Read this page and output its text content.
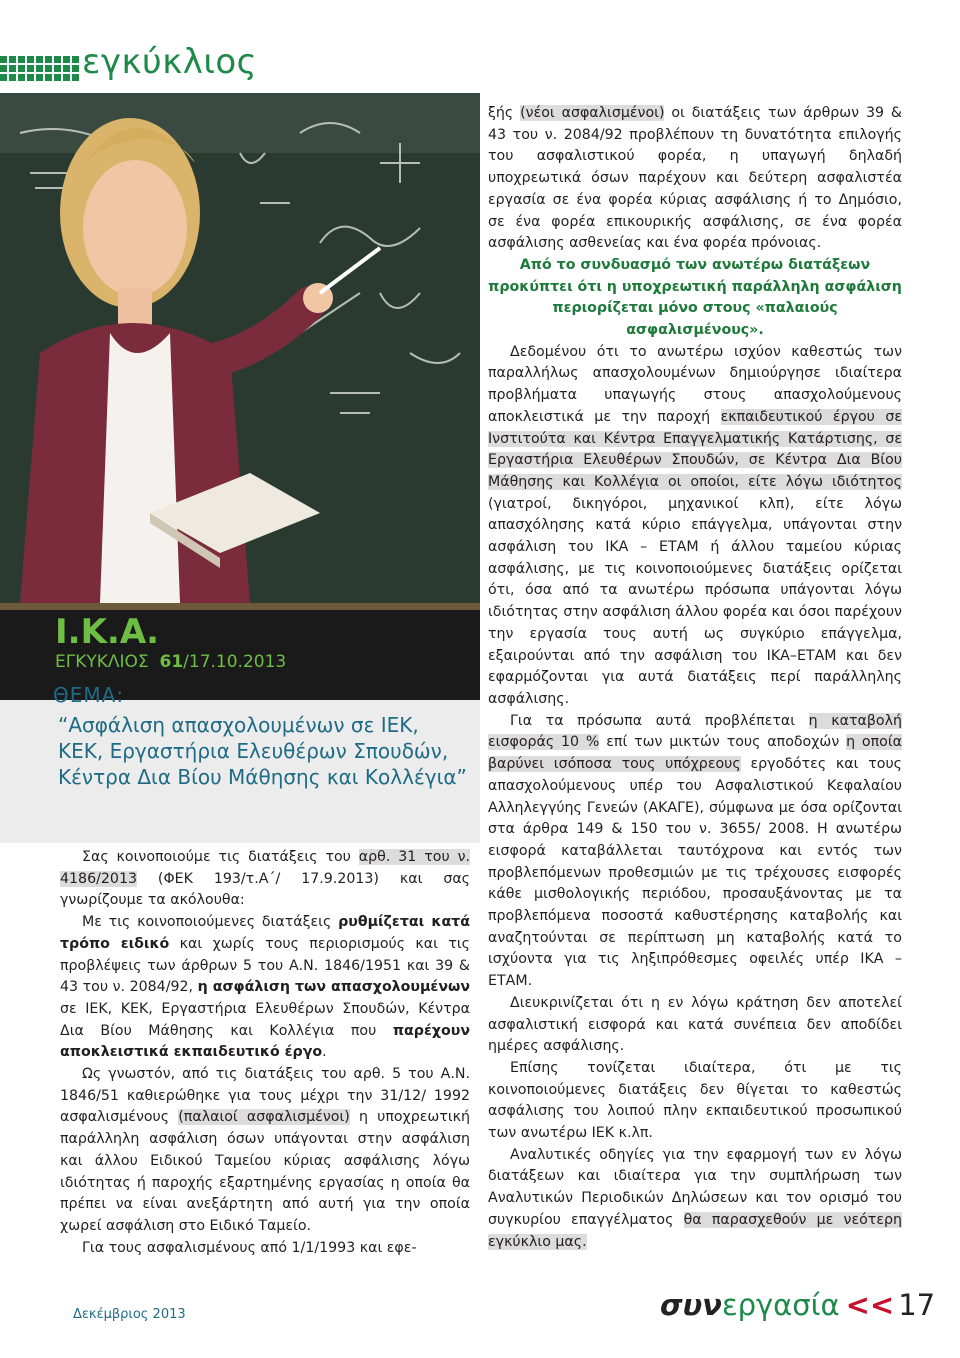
εγκύκλιος
Ι.Κ.Α.
ΕΓΚΥΚΛΙΟΣ 61/17.10.2013
ΘΕΜΑ:
“Ασφάλιση απασχολουμένων σε ΙΕΚ, ΚΕΚ, Εργαστήρια Ελευθέρων Σπουδών, Κέντρα Δια Βίου Μάθησης και Κολλέγια”

Σας κοινοποιούμε τις διατάξεις του αρθ. 31 του ν. 4186/2013 (ΦΕΚ 193/τ.Α΄/ 17.9.2013) και σας γνωρίζουμε τα ακόλουθα:

Με τις κοινοποιούμενες διατάξεις ρυθμίζεται κατά τρόπο ειδικό και χωρίς τους περιορισμούς και τις προβλέψεις των άρθρων 5 του Α.Ν. 1846/1951 και 39 & 43 του ν. 2084/92, η ασφάλιση των απασχολουμένων σε ΙΕΚ, ΚΕΚ, Εργαστήρια Ελευθέρων Σπουδών, Κέντρα Δια Βίου Μάθησης και Κολλέγια που παρέχουν αποκλειστικά εκπαιδευτικό έργο.

Ως γνωστόν, από τις διατάξεις του αρθ. 5 του Α.Ν. 1846/51 καθιερώθηκε για τους μέχρι την 31/12/ 1992 ασφαλισμένους (παλαιοί ασφαλισμένοι) η υποχρεωτική παράλληλη ασφάλιση όσων υπάγονται στην ασφάλιση και άλλου Ειδικού Ταμείου κύριας ασφάλισης λόγω ιδιότητας ή παροχής εξαρτημένης εργασίας η οποία θα πρέπει να είναι ανεξάρτητη από αυτή για την οποία χωρεί ασφάλιση στο Ειδικό Ταμείο.

Για τους ασφαλισμένους από 1/1/1993 και εφε-

ξής (νέοι ασφαλισμένοι) οι διατάξεις των άρθρων 39 & 43 του ν. 2084/92 προβλέπουν τη δυνατότητα επιλογής του ασφαλιστικού φορέα, η υπαγωγή δηλαδή υποχρεωτικά όσων παρέχουν και δεύτερη ασφαλιστέα εργασία σε ένα φορέα κύριας ασφάλισης ή το Δημόσιο, σε ένα φορέα επικουρικής ασφάλισης, σε ένα φορέα ασφάλισης ασθενείας και ένα φορέα πρόνοιας.

Από το συνδυασμό των ανωτέρω διατάξεων προκύπτει ότι η υποχρεωτική παράλληλη ασφάλιση περιορίζεται μόνο στους «παλαιούς ασφαλισμένους».

Δεδομένου ότι το ανωτέρω ισχύον καθεστώς των παραλλήλως απασχολουμένων δημιούργησε ιδιαίτερα προβλήματα υπαγωγής στους απασχολούμενους αποκλειστικά με την παροχή εκπαιδευτικού έργου σε Ινστιτούτα και Κέντρα Επαγγελματικής Κατάρτισης, σε Εργαστήρια Ελευθέρων Σπουδών, σε Κέντρα Δια Βίου Μάθησης και Κολλέγια οι οποίοι, είτε λόγω ιδιότητος (γιατροί, δικηγόροι, μηχανικοί κλπ), είτε λόγω απασχόλησης κατά κύριο επάγγελμα, υπάγονται στην ασφάλιση του ΙΚΑ – ΕΤΑΜ ή άλλου ταμείου κύριας ασφάλισης, με τις κοινοποιούμενες διατάξεις ορίζεται ότι, όσα από τα ανωτέρω πρόσωπα υπάγονται λόγω ιδιότητας στην ασφάλιση άλλου φορέα και όσοι παρέχουν την εργασία τους αυτή ως συγκύριο επάγγελμα, εξαιρούνται από την ασφάλιση του ΙΚΑ–ΕΤΑΜ και δεν εφαρμόζονται για αυτά διατάξεις περί παράλληλης ασφάλισης.

Για τα πρόσωπα αυτά προβλέπεται η καταβολή εισφοράς 10 % επί των μικτών τους αποδοχών η οποία βαρύνει ισόποσα τους υπόχρεους εργοδότες και τους απασχολούμενους υπέρ του Ασφαλιστικού Κεφαλαίου Αλληλεγγύης Γενεών (ΑΚΑΓΕ), σύμφωνα με όσα ορίζονται στα άρθρα 149 & 150 του ν. 3655/ 2008. Η ανωτέρω εισφορά καταβάλλεται ταυτόχρονα και εντός των προβλεπόμενων προθεσμιών με τις τρέχουσες εισφορές κάθε μισθολογικής περιόδου, προσαυξάνοντας με τα προβλεπόμενα ποσοστά καθυστέρησης καταβολής και αναζητούνται σε περίπτωση μη καταβολής κατά το ισχύοντα για τις ληξιπρόθεσμες οφειλές υπέρ ΙΚΑ – ΕΤΑΜ.

Διευκρινίζεται ότι η εν λόγω κράτηση δεν αποτελεί ασφαλιστική εισφορά και κατά συνέπεια δεν αποδίδει ημέρες ασφάλισης.

Επίσης τονίζεται ιδιαίτερα, ότι με τις κοινοποιούμενες διατάξεις δεν θίγεται το καθεστώς ασφάλισης του λοιπού πλην εκπαιδευτικού προσωπικού των ανωτέρω ΙΕΚ κ.λπ.

Αναλυτικές οδηγίες για την εφαρμογή των εν λόγω διατάξεων και ιδιαίτερα για την συμπλήρωση των Αναλυτικών Περιοδικών Δηλώσεων και τον ορισμό του συγκυρίου επαγγέλματος θα παρασχεθούν με νεότερη εγκύκλιο μας.

Δεκέμβριος 2013	συνεργασία << 17
